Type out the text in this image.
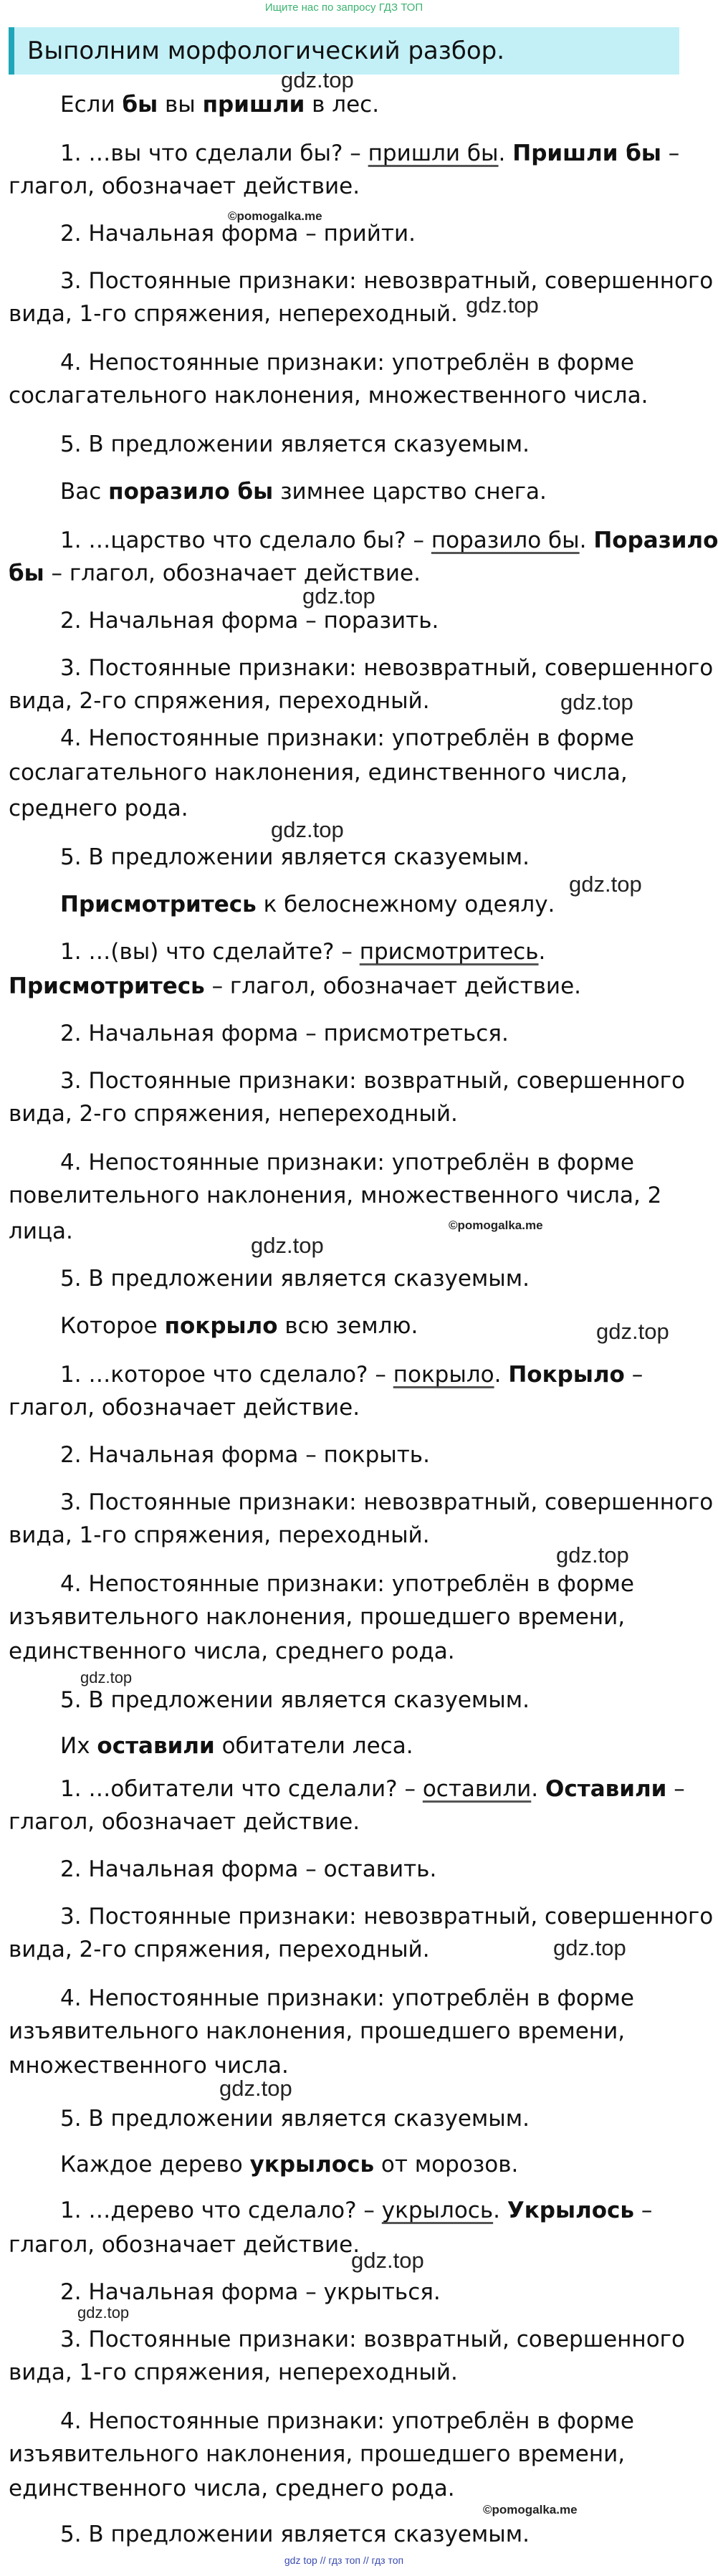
Ищите нас по запросу ГДЗ ТОП
Выполним морфологический разбор.

Если бы вы пришли в лес.

1. …вы что сделали бы? – пришли бы. Пришли бы –

глагол, обозначает действие.

2. Начальная форма – прийти.

3. Постоянные признаки: невозвратный, совершенного

вида, 1-го спряжения, непереходный.

4. Непостоянные признаки: употреблён в форме

сослагательного наклонения, множественного числа.

5. В предложении является сказуемым.

Вас поразило бы зимнее царство снега.

1. …царство что сделало бы? – поразило бы. Поразило

бы – глагол, обозначает действие.

2. Начальная форма – поразить.

3. Постоянные признаки: невозвратный, совершенного

вида, 2-го спряжения, переходный.

4. Непостоянные признаки: употреблён в форме

сослагательного наклонения, единственного числа,

среднего рода.

5. В предложении является сказуемым.

Присмотритесь к белоснежному одеялу.

1. …(вы) что сделайте? – присмотритесь.

Присмотритесь – глагол, обозначает действие.

2. Начальная форма – присмотреться.

3. Постоянные признаки: возвратный, совершенного

вида, 2-го спряжения, непереходный.

4. Непостоянные признаки: употреблён в форме

повелительного наклонения, множественного числа, 2

лица.

5. В предложении является сказуемым.

Которое покрыло всю землю.

1. …которое что сделало? – покрыло. Покрыло –

глагол, обозначает действие.

2. Начальная форма – покрыть.

3. Постоянные признаки: невозвратный, совершенного

вида, 1-го спряжения, переходный.

4. Непостоянные признаки: употреблён в форме

изъявительного наклонения, прошедшего времени,

единственного числа, среднего рода.

5. В предложении является сказуемым.

Их оставили обитатели леса.

1. …обитатели что сделали? – оставили. Оставили –

глагол, обозначает действие.

2. Начальная форма – оставить.

3. Постоянные признаки: невозвратный, совершенного

вида, 2-го спряжения, переходный.

4. Непостоянные признаки: употреблён в форме

изъявительного наклонения, прошедшего времени,

множественного числа.

5. В предложении является сказуемым.

Каждое дерево укрылось от морозов.

1. …дерево что сделало? – укрылось. Укрылось –

глагол, обозначает действие.

2. Начальная форма – укрыться.

3. Постоянные признаки: возвратный, совершенного

вида, 1-го спряжения, непереходный.

4. Непостоянные признаки: употреблён в форме

изъявительного наклонения, прошедшего времени,

единственного числа, среднего рода.

5. В предложении является сказуемым.

gdz.top
©pomogalka.me
gdz.top
gdz.top
gdz.top
gdz.top
gdz.top
©pomogalka.me
gdz.top
gdz.top
gdz.top
gdz.top
gdz.top
gdz.top
gdz.top
gdz.top
©pomogalka.me
gdz top // гдз топ // гдз топ
